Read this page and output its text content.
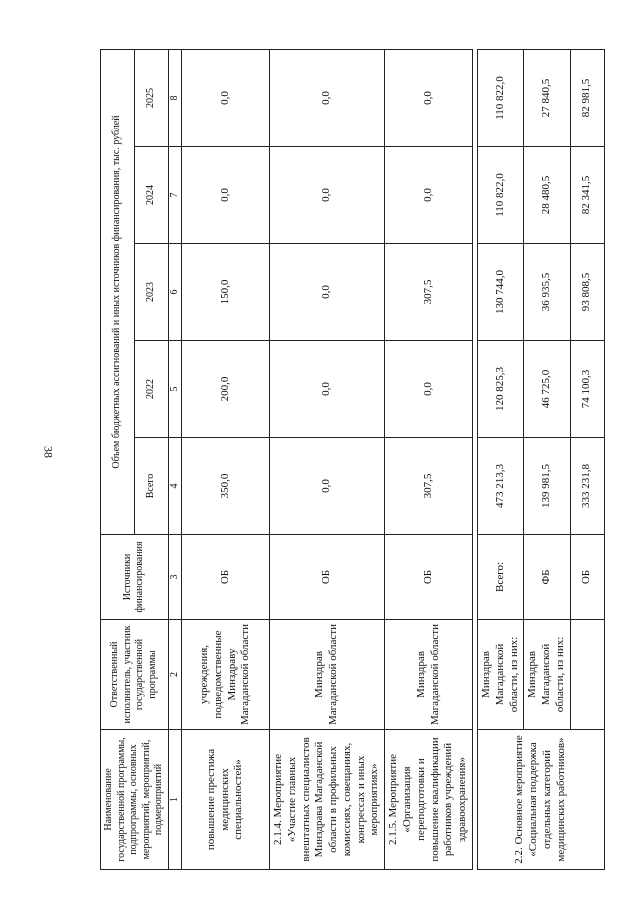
38
Наименование государственной программы, подпрограммы, основных мероприятий, мероприятий, подмероприятий	Ответственный исполнитель, участник государственной программы	Источники финансирования	Объем бюджетных ассигнований и иных источников финансирования, тыс. рублей				
			Всего	2022	2023	2024	2025
1	2	3	4	5	6	7	8
повышение престижа медицинских специальностей»	учреждения, подведомственные Минздраву Магаданской области	ОБ	350,0	200,0	150,0	0,0	0,0
2.1.4. Мероприятие «Участие главных внештатных специалистов Минздрава Магаданской области в профильных комиссиях, совещаниях, конгрессах и иных мероприятиях»	Минздрав Магаданской области	ОБ	0,0	0,0	0,0	0,0	0,0
2.1.5. Мероприятие «Организация переподготовки и повышение квалификации работников учреждений здравоохранения»	Минздрав Магаданской области	ОБ	307,5	0,0	307,5	0,0	0,0

2.2. Основное мероприятие «Социальная поддержка отдельных категорий медицинских работников»	Минздрав Магаданской области, из них:	Всего:	473 213,3	120 825,3	130 744,0	110 822,0	110 822,0
	Минздрав Магаданской области, из них:	ФБ	139 981,5	46 725,0	36 935,5	28 480,5	27 840,5
		ОБ	333 231,8	74 100,3	93 808,5	82 341,5	82 981,5
